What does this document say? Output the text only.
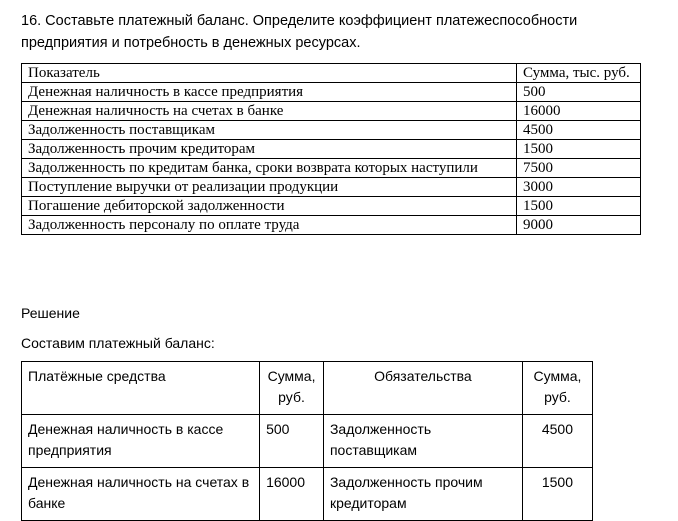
16. Составьте платежный баланс. Определите коэффициент платежеспособности предприятия и потребность в денежных ресурсах.
Показатель	Сумма, тыс. руб.
Денежная наличность в кассе предприятия	500
Денежная наличность на счетах в банке	16000
Задолженность поставщикам	4500
Задолженность прочим кредиторам	1500
Задолженность по кредитам банка, сроки возврата которых наступили	7500
Поступление выручки от реализации продукции	3000
Погашение дебиторской задолженности	1500
Задолженность персоналу по оплате труда	9000
Решение
Составим платежный баланс:
Платёжные средства	Сумма, руб.	Обязательства	Сумма, руб.
Денежная наличность в кассе предприятия	500	Задолженность поставщикам	4500
Денежная наличность на счетах в банке	16000	Задолженность прочим кредиторам	1500
